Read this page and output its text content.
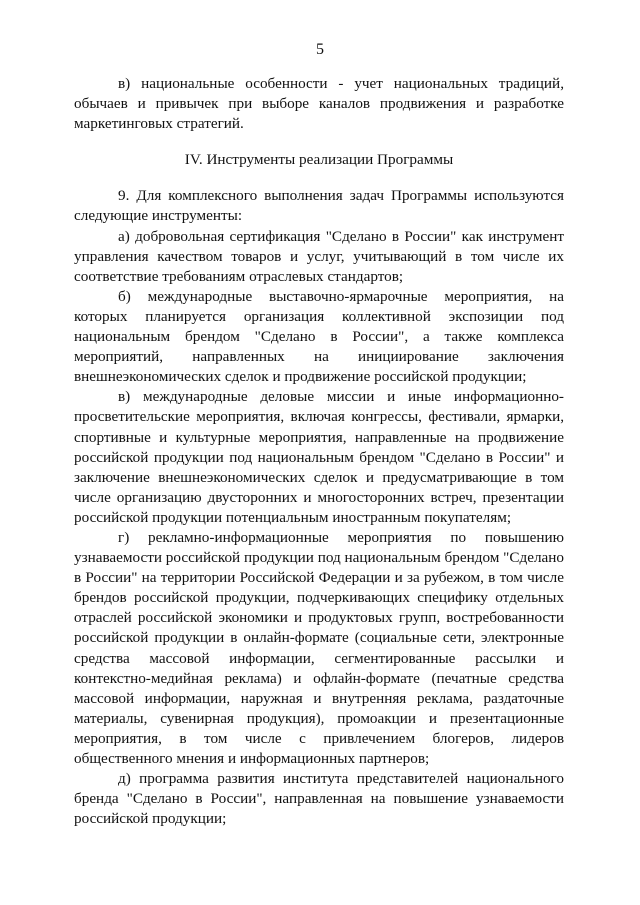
5

в) национальные особенности - учет национальных традиций, обычаев и привычек при выборе каналов продвижения и разработке маркетинговых стратегий.

IV. Инструменты реализации Программы

9. Для комплексного выполнения задач Программы используются следующие инструменты:

а) добровольная сертификация "Сделано в России" как инструмент управления качеством товаров и услуг, учитывающий в том числе их соответствие требованиям отраслевых стандартов;

б) международные выставочно-ярмарочные мероприятия, на которых планируется организация коллективной экспозиции под национальным брендом "Сделано в России", а также комплекса мероприятий, направленных на инициирование заключения внешнеэкономических сделок и продвижение российской продукции;

в) международные деловые миссии и иные информационно-просветительские мероприятия, включая конгрессы, фестивали, ярмарки, спортивные и культурные мероприятия, направленные на продвижение российской продукции под национальным брендом "Сделано в России" и заключение внешнеэкономических сделок и предусматривающие в том числе организацию двусторонних и многосторонних встреч, презентации российской продукции потенциальным иностранным покупателям;

г) рекламно-информационные мероприятия по повышению узнаваемости российской продукции под национальным брендом "Сделано в России" на территории Российской Федерации и за рубежом, в том числе брендов российской продукции, подчеркивающих специфику отдельных отраслей российской экономики и продуктовых групп, востребованности российской продукции в онлайн-формате (социальные сети, электронные средства массовой информации, сегментированные рассылки и контекстно-медийная реклама) и офлайн-формате (печатные средства массовой информации, наружная и внутренняя реклама, раздаточные материалы, сувенирная продукция), промоакции и презентационные мероприятия, в том числе с привлечением блогеров, лидеров общественного мнения и информационных партнеров;

д) программа развития института представителей национального бренда "Сделано в России", направленная на повышение узнаваемости российской продукции;
